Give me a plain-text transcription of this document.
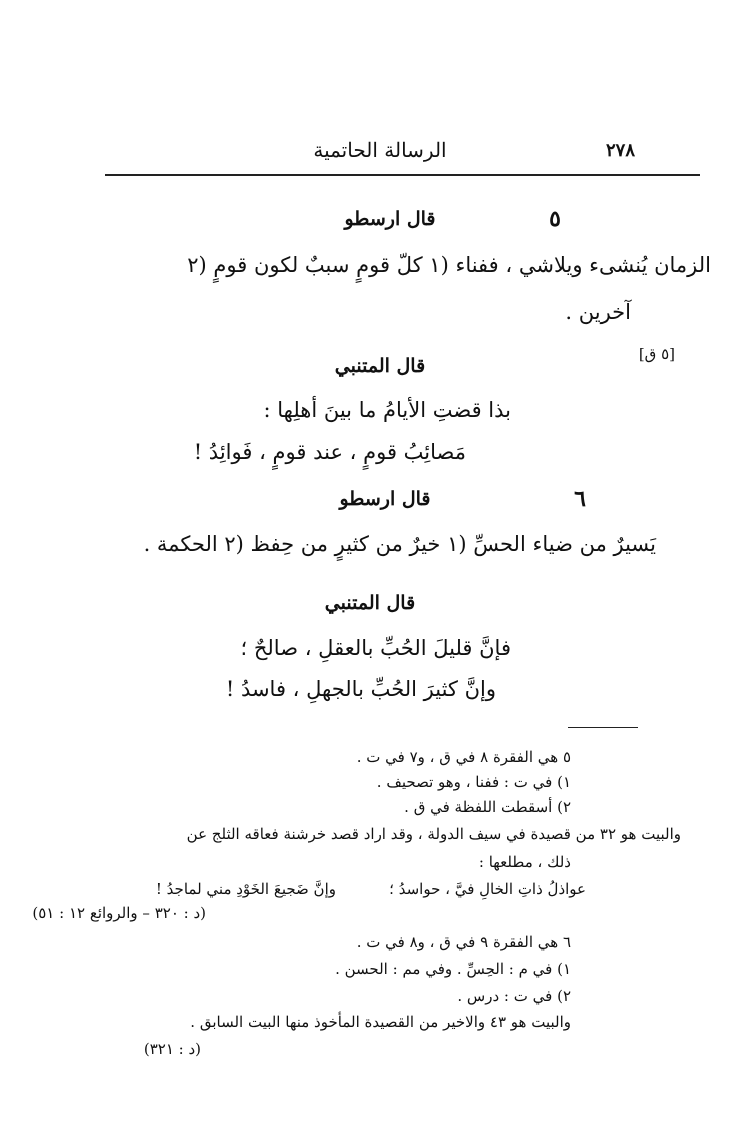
٢٧٨
الرسالة الحاتمية
٥
قال ارسطو
الزمان يُنشىء ويلاشي ، ففناء (١ كلّ قومٍ سببٌ لكون قومٍ (٢
آخرين .
[٥ ق]
قال المتنبي
بذا قضتِ الأيامُ ما بينَ أهلِها :
مَصائِبُ قومٍ ، عند قومٍ ، فَوائِدُ !
٦
قال ارسطو
يَسيرٌ من ضياء الحسِّ (١ خيرٌ من كثيرٍ من حِفظ (٢ الحكمة .
قال المتنبي
فإنَّ قليلَ الحُبِّ بالعقلِ ، صالحٌ ؛
وإنَّ كثيرَ الحُبِّ بالجهلِ ، فاسدُ !
٥ هي الفقرة ٨ في ق ، و٧ في ت .
١) في ت : ففنا ، وهو تصحيف .
٢) أسقطت اللفظة في ق .
والبيت هو ٣٢ من قصيدة في سيف الدولة ، وقد اراد قصد خرشنة فعاقه الثلج عن
ذلك ، مطلعها :
عواذلُ ذاتِ الخالِ فيَّ ، حواسدُ ؛
وإنَّ ضَجيعَ الخَوْدِ مني لماجدُ !
(د : ٣٢٠ – والروائع ١٢ : ٥١)
٦ هي الفقرة ٩ في ق ، و٨ في ت .
١) في م : الحِسِّ . وفي مم : الحسن .
٢) في ت : درس .
والبيت هو ٤٣ والاخير من القصيدة المأخوذ منها البيت السابق .
(د : ٣٢١)
